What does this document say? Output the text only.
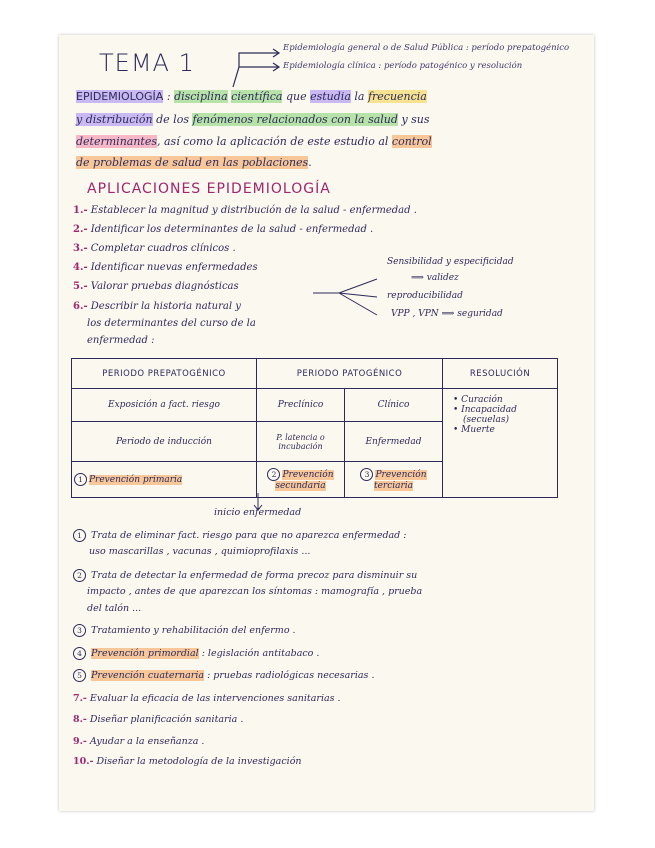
TEMA 1
Epidemiología general o de Salud Pública : período prepatogénico
Epidemiología clínica : período patogénico y resolución
EPIDEMIOLOGÍA : disciplina científica que estudia la frecuencia
y distribución de los fenómenos relacionados con la salud y sus
determinantes, así como la aplicación de este estudio al control
de problemas de salud en las poblaciones.
APLICACIONES EPIDEMIOLOGÍA
1.- Establecer la magnitud y distribución de la salud - enfermedad .
2.- Identificar los determinantes de la salud - enfermedad .
3.- Completar cuadros clínicos .
4.- Identificar nuevas enfermedades
5.- Valorar pruebas diagnósticas
6.- Describir la historia natural y
los determinantes del curso de la
enfermedad :
Sensibilidad y especificidad
⟹ validez
reproducibilidad
VPP , VPN ⟹ seguridad
PERIODO PREPATOGÉNICO	PERIODO PATOGÉNICO		RESOLUCIÓN
Exposición a fact. riesgo	Preclínico	Clínico	• Curación
• Incapacidad
(secuelas)
• Muerte

Periodo de inducción	P. latencia o incubación	Enfermedad	
1 Prevención primaria	2 Prevención
secundaria	3 Prevención
terciaria	
inicio enfermedad
1 Trata de eliminar fact. riesgo para que no aparezca enfermedad :
uso mascarillas , vacunas , quimioprofilaxis ...
2 Trata de detectar la enfermedad de forma precoz para disminuir su
impacto , antes de que aparezcan los síntomas : mamografía , prueba
del talón ...
3 Tratamiento y rehabilitación del enfermo .
4 Prevención primordial : legislación antitabaco .
5 Prevención cuaternaria : pruebas radiológicas necesarias .
7.- Evaluar la eficacia de las intervenciones sanitarias .
8.- Diseñar planificación sanitaria .
9.- Ayudar a la enseñanza .
10.- Diseñar la metodología de la investigación
